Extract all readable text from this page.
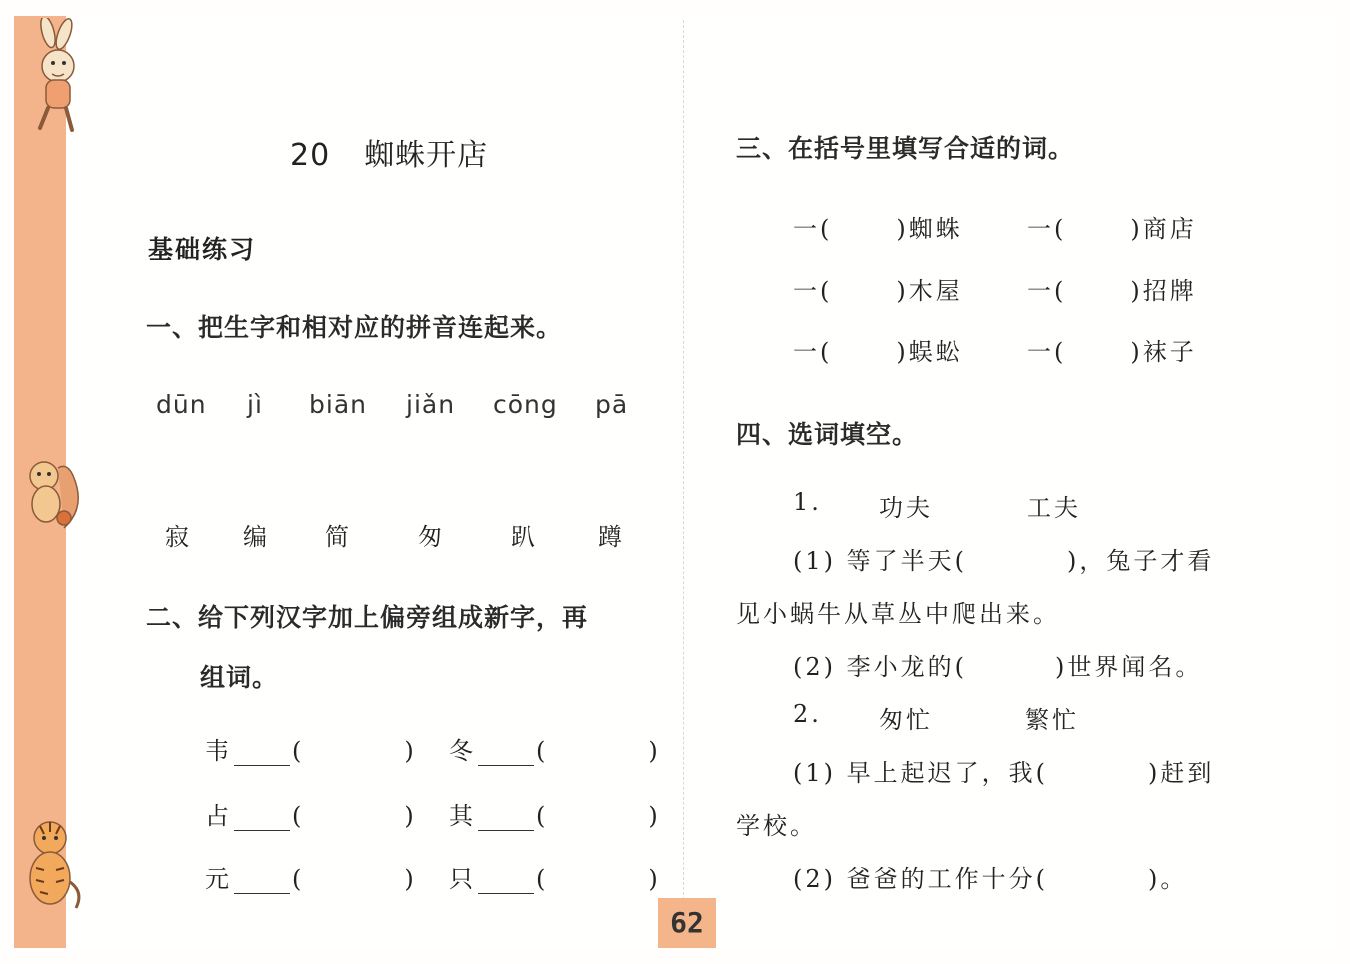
20 蜘蛛开店
基础练习
一、把生字和相对应的拼音连起来。
dūn jì biān jiǎn cōng pā
寂 编 简	匆	趴	蹲
二、给下列汉字加上偏旁组成新字，再
组词。
韦	(	) 冬	(	)
占	(	) 其	(	)
元	(	) 只	(	)
三、在括号里填写合适的词。
一(	)蜘蛛	一(	)商店
一(	)木屋	一(	)招牌
一(	)蜈蚣	一(	)袜子
四、选词填空。
1. 功夫	工夫
(1) 等了半天(	)，兔子才看
见小蜗牛从草丛中爬出来。
(2) 李小龙的(	)世界闻名。
2. 匆忙	繁忙
(1) 早上起迟了，我(	)赶到
学校。
(2) 爸爸的工作十分(	)。
62
